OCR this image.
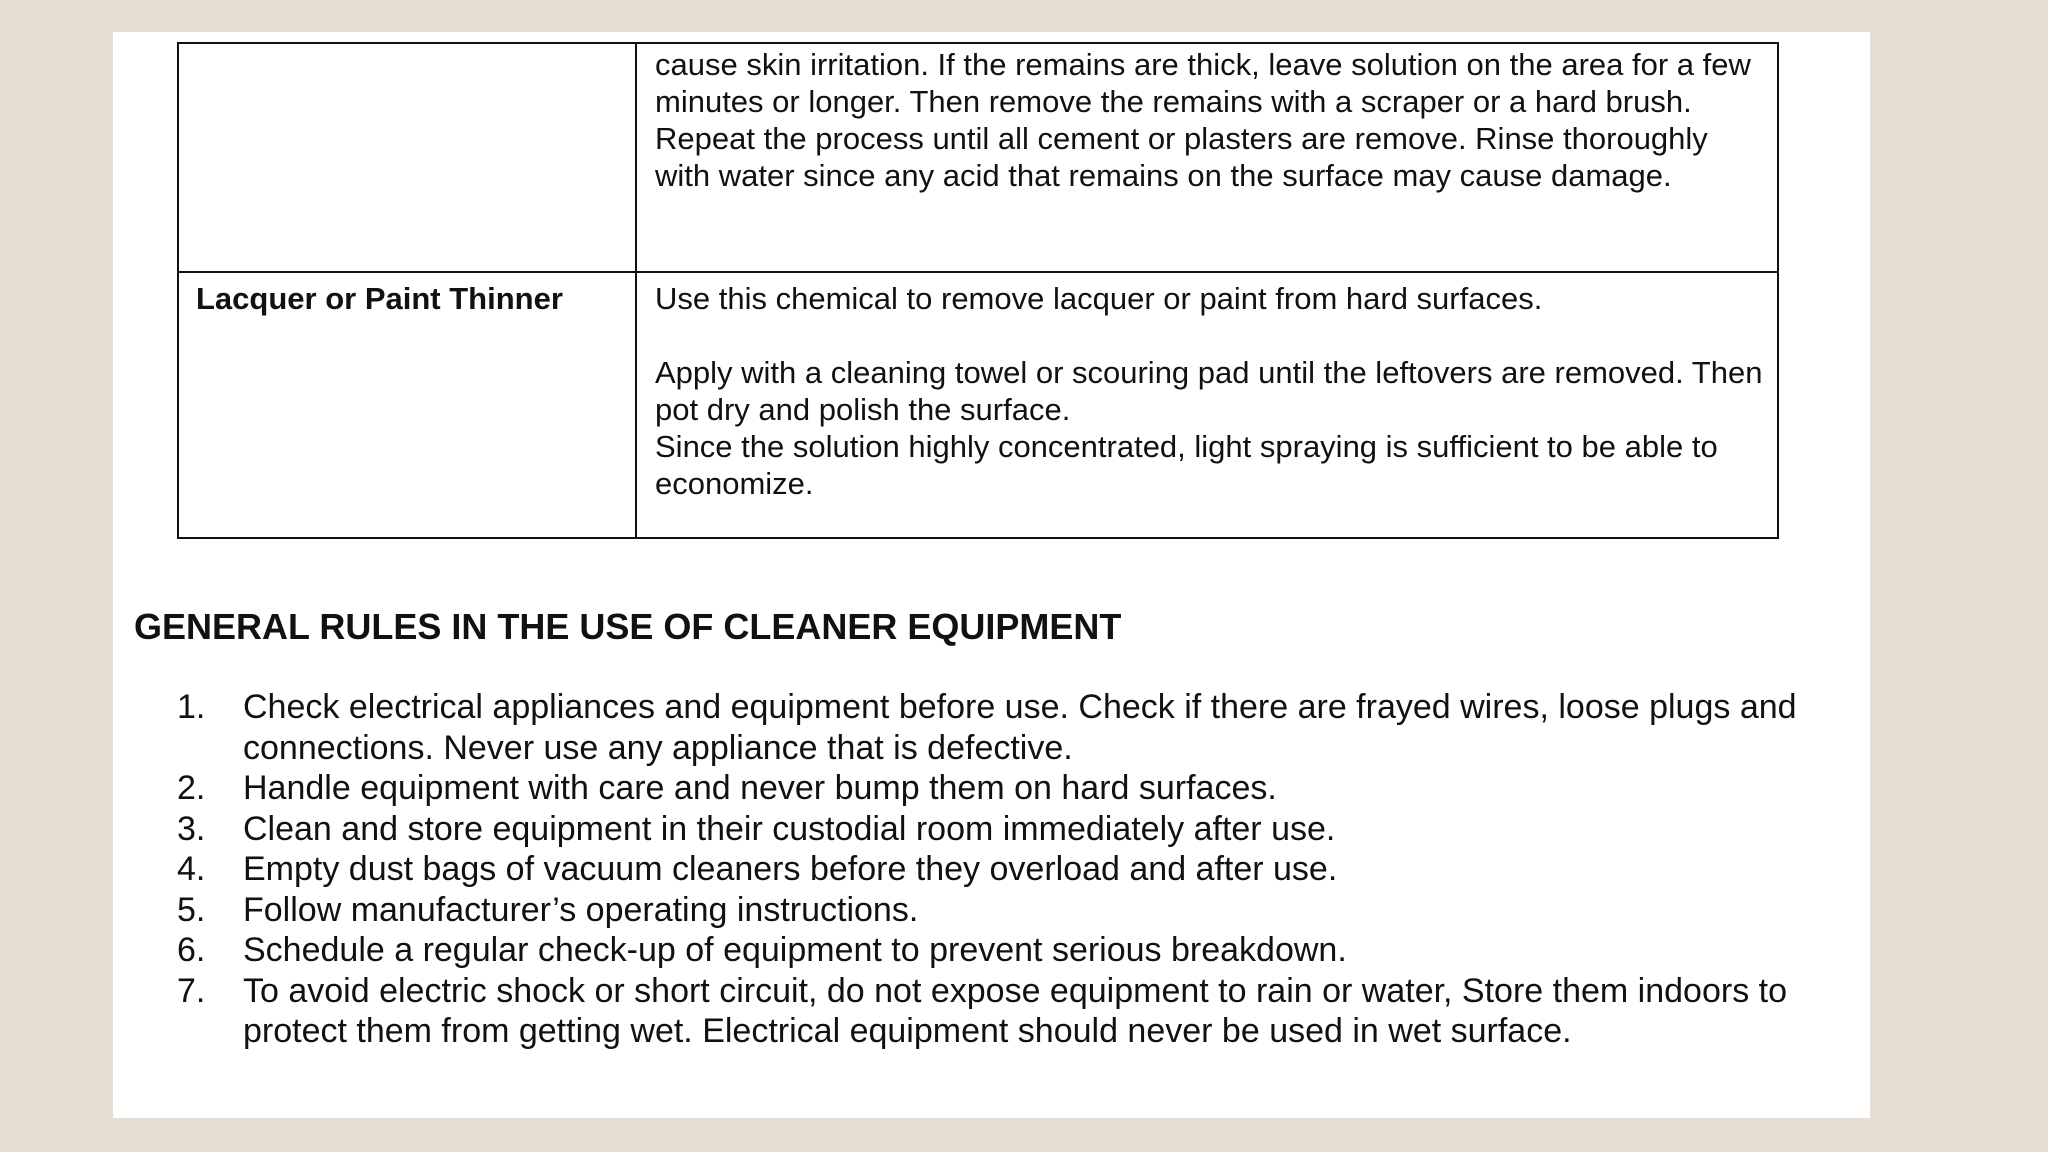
	cause skin irritation. If the remains are thick, leave solution on the area for a few minutes or longer. Then remove the remains with a scraper or a hard brush. Repeat the process until all cement or plasters are remove. Rinse thoroughly with water since any acid that remains on the surface may cause damage.

Lacquer or Paint Thinner	Use this chemical to remove lacquer or paint from hard surfaces.

Apply with a cleaning towel or scouring pad until the leftovers are removed. Then pot dry and polish the surface.

Since the solution highly concentrated, light spraying is sufficient to be able to economize.

GENERAL RULES IN THE USE OF CLEANER EQUIPMENT
1.	Check electrical appliances and equipment before use. Check if there are frayed wires, loose plugs and connections. Never use any appliance that is defective.
2.	Handle equipment with care and never bump them on hard surfaces.
3.	Clean and store equipment in their custodial room immediately after use.
4.	Empty dust bags of vacuum cleaners before they overload and after use.
5.	Follow manufacturer’s operating instructions.
6.	Schedule a regular check-up of equipment to prevent serious breakdown.
7.	To avoid electric shock or short circuit, do not expose equipment to rain or water, Store them indoors to protect them from getting wet. Electrical equipment should never be used in wet surface.
